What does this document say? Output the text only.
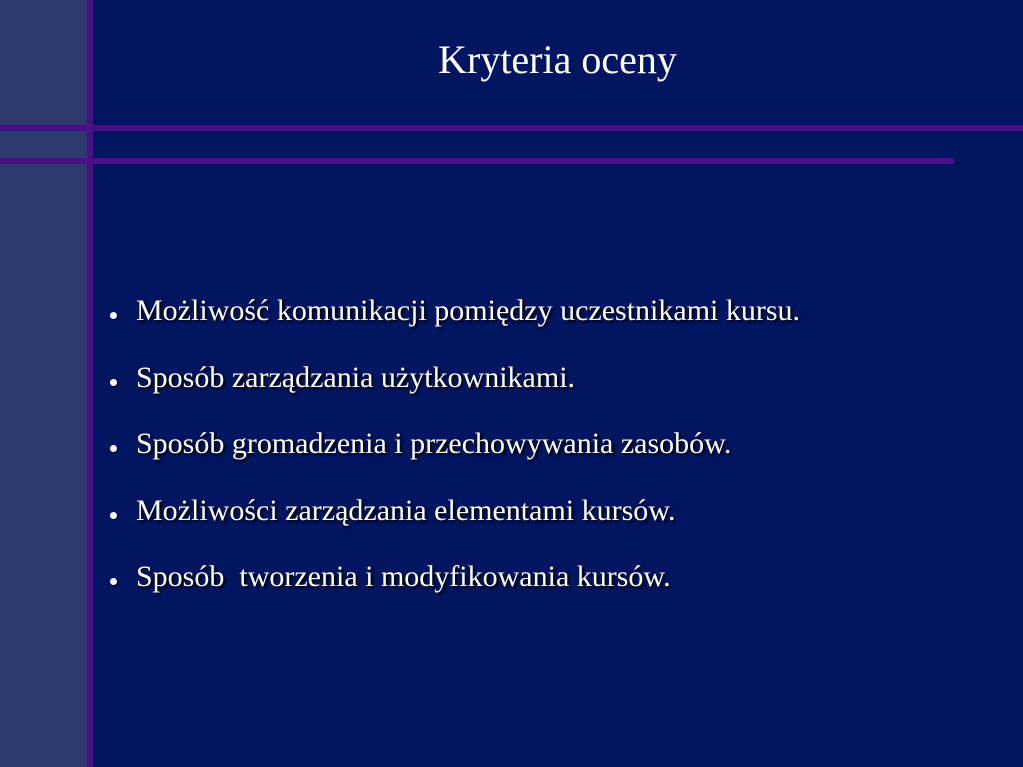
Kryteria oceny
Możliwość komunikacji pomiędzy uczestnikami kursu.
Sposób zarządzania użytkownikami.
Sposób gromadzenia i przechowywania zasobów.
Możliwości zarządzania elementami kursów.
Sposób  tworzenia i modyfikowania kursów.
